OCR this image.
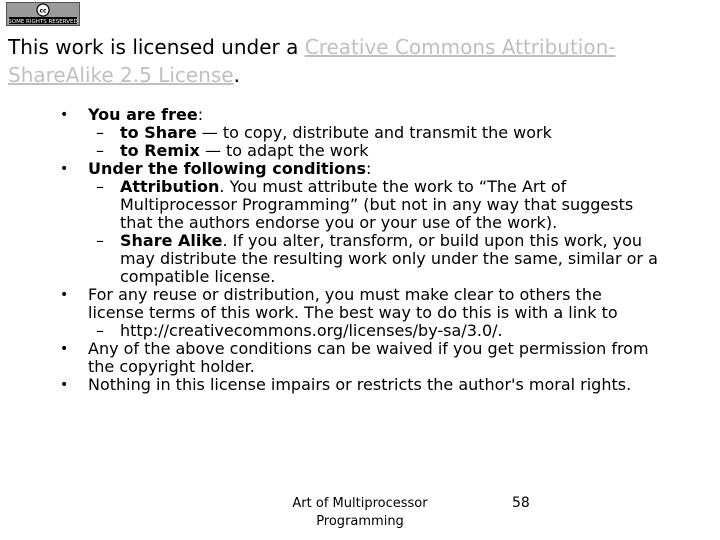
cc
SOME RIGHTS RESERVED
This work is licensed under a Creative Commons Attribution-ShareAlike 2.5 License.
• You are free:
– to Share — to copy, distribute and transmit the work
– to Remix — to adapt the work
• Under the following conditions:
– Attribution. You must attribute the work to “The Art of Multiprocessor Programming” (but not in any way that suggests that the authors endorse you or your use of the work).
– Share Alike. If you alter, transform, or build upon this work, you may distribute the resulting work only under the same, similar or a compatible license.
• For any reuse or distribution, you must make clear to others the license terms of this work. The best way to do this is with a link to
– http://creativecommons.org/licenses/by-sa/3.0/.
• Any of the above conditions can be waived if you get permission from the copyright holder.
• Nothing in this license impairs or restricts the author's moral rights.
Art of Multiprocessor Programming
58
